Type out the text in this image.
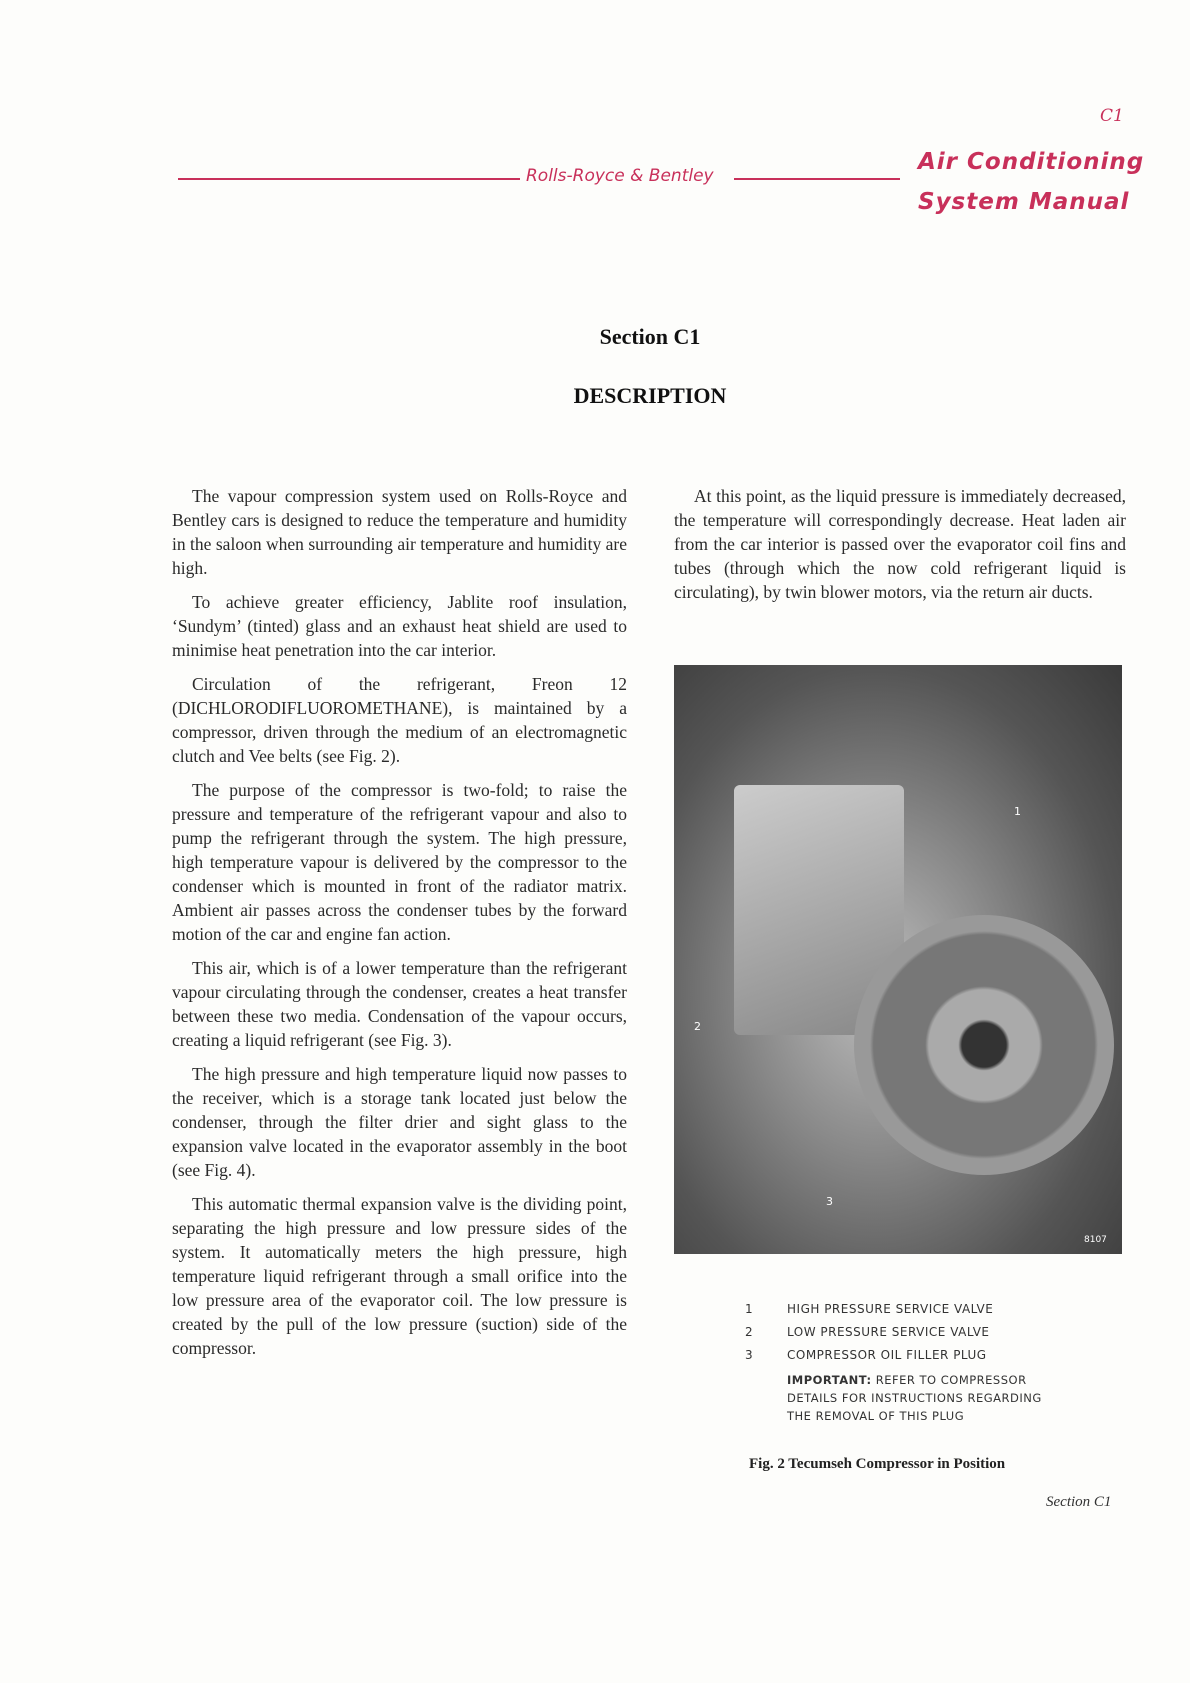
C1
Rolls-Royce & Bentley
Air Conditioning
System Manual
Section C1
DESCRIPTION

The vapour compression system used on Rolls-Royce and Bentley cars is designed to reduce the temperature and humidity in the saloon when surrounding air temperature and humidity are high.

To achieve greater efficiency, Jablite roof insulation, ‘Sundym’ (tinted) glass and an exhaust heat shield are used to minimise heat penetration into the car interior.

Circulation of the refrigerant, Freon 12 (DICHLORODIFLUOROMETHANE), is maintained by a compressor, driven through the medium of an electromagnetic clutch and Vee belts (see Fig. 2).

The purpose of the compressor is two-fold; to raise the pressure and temperature of the refrigerant vapour and also to pump the refrigerant through the system. The high pressure, high temperature vapour is delivered by the compressor to the condenser which is mounted in front of the radiator matrix. Ambient air passes across the condenser tubes by the forward motion of the car and engine fan action.

This air, which is of a lower temperature than the refrigerant vapour circulating through the condenser, creates a heat transfer between these two media. Condensation of the vapour occurs, creating a liquid refrigerant (see Fig. 3).

The high pressure and high temperature liquid now passes to the receiver, which is a storage tank located just below the condenser, through the filter drier and sight glass to the expansion valve located in the evaporator assembly in the boot (see Fig. 4).

This automatic thermal expansion valve is the dividing point, separating the high pressure and low pressure sides of the system. It automatically meters the high pressure, high temperature liquid refrigerant through a small orifice into the low pressure area of the evaporator coil. The low pressure is created by the pull of the low pressure (suction) side of the compressor.

At this point, as the liquid pressure is immediately decreased, the temperature will correspondingly decrease. Heat laden air from the car interior is passed over the evaporator coil fins and tubes (through which the now cold refrigerant liquid is circulating), by twin blower motors, via the return air ducts.

1
2
3
8107
1	HIGH PRESSURE SERVICE VALVE
2	LOW PRESSURE SERVICE VALVE
3	COMPRESSOR OIL FILLER PLUG
IMPORTANT: REFER TO COMPRESSOR DETAILS FOR INSTRUCTIONS REGARDING THE REMOVAL OF THIS PLUG
Fig. 2 Tecumseh Compressor in Position
Section C1
